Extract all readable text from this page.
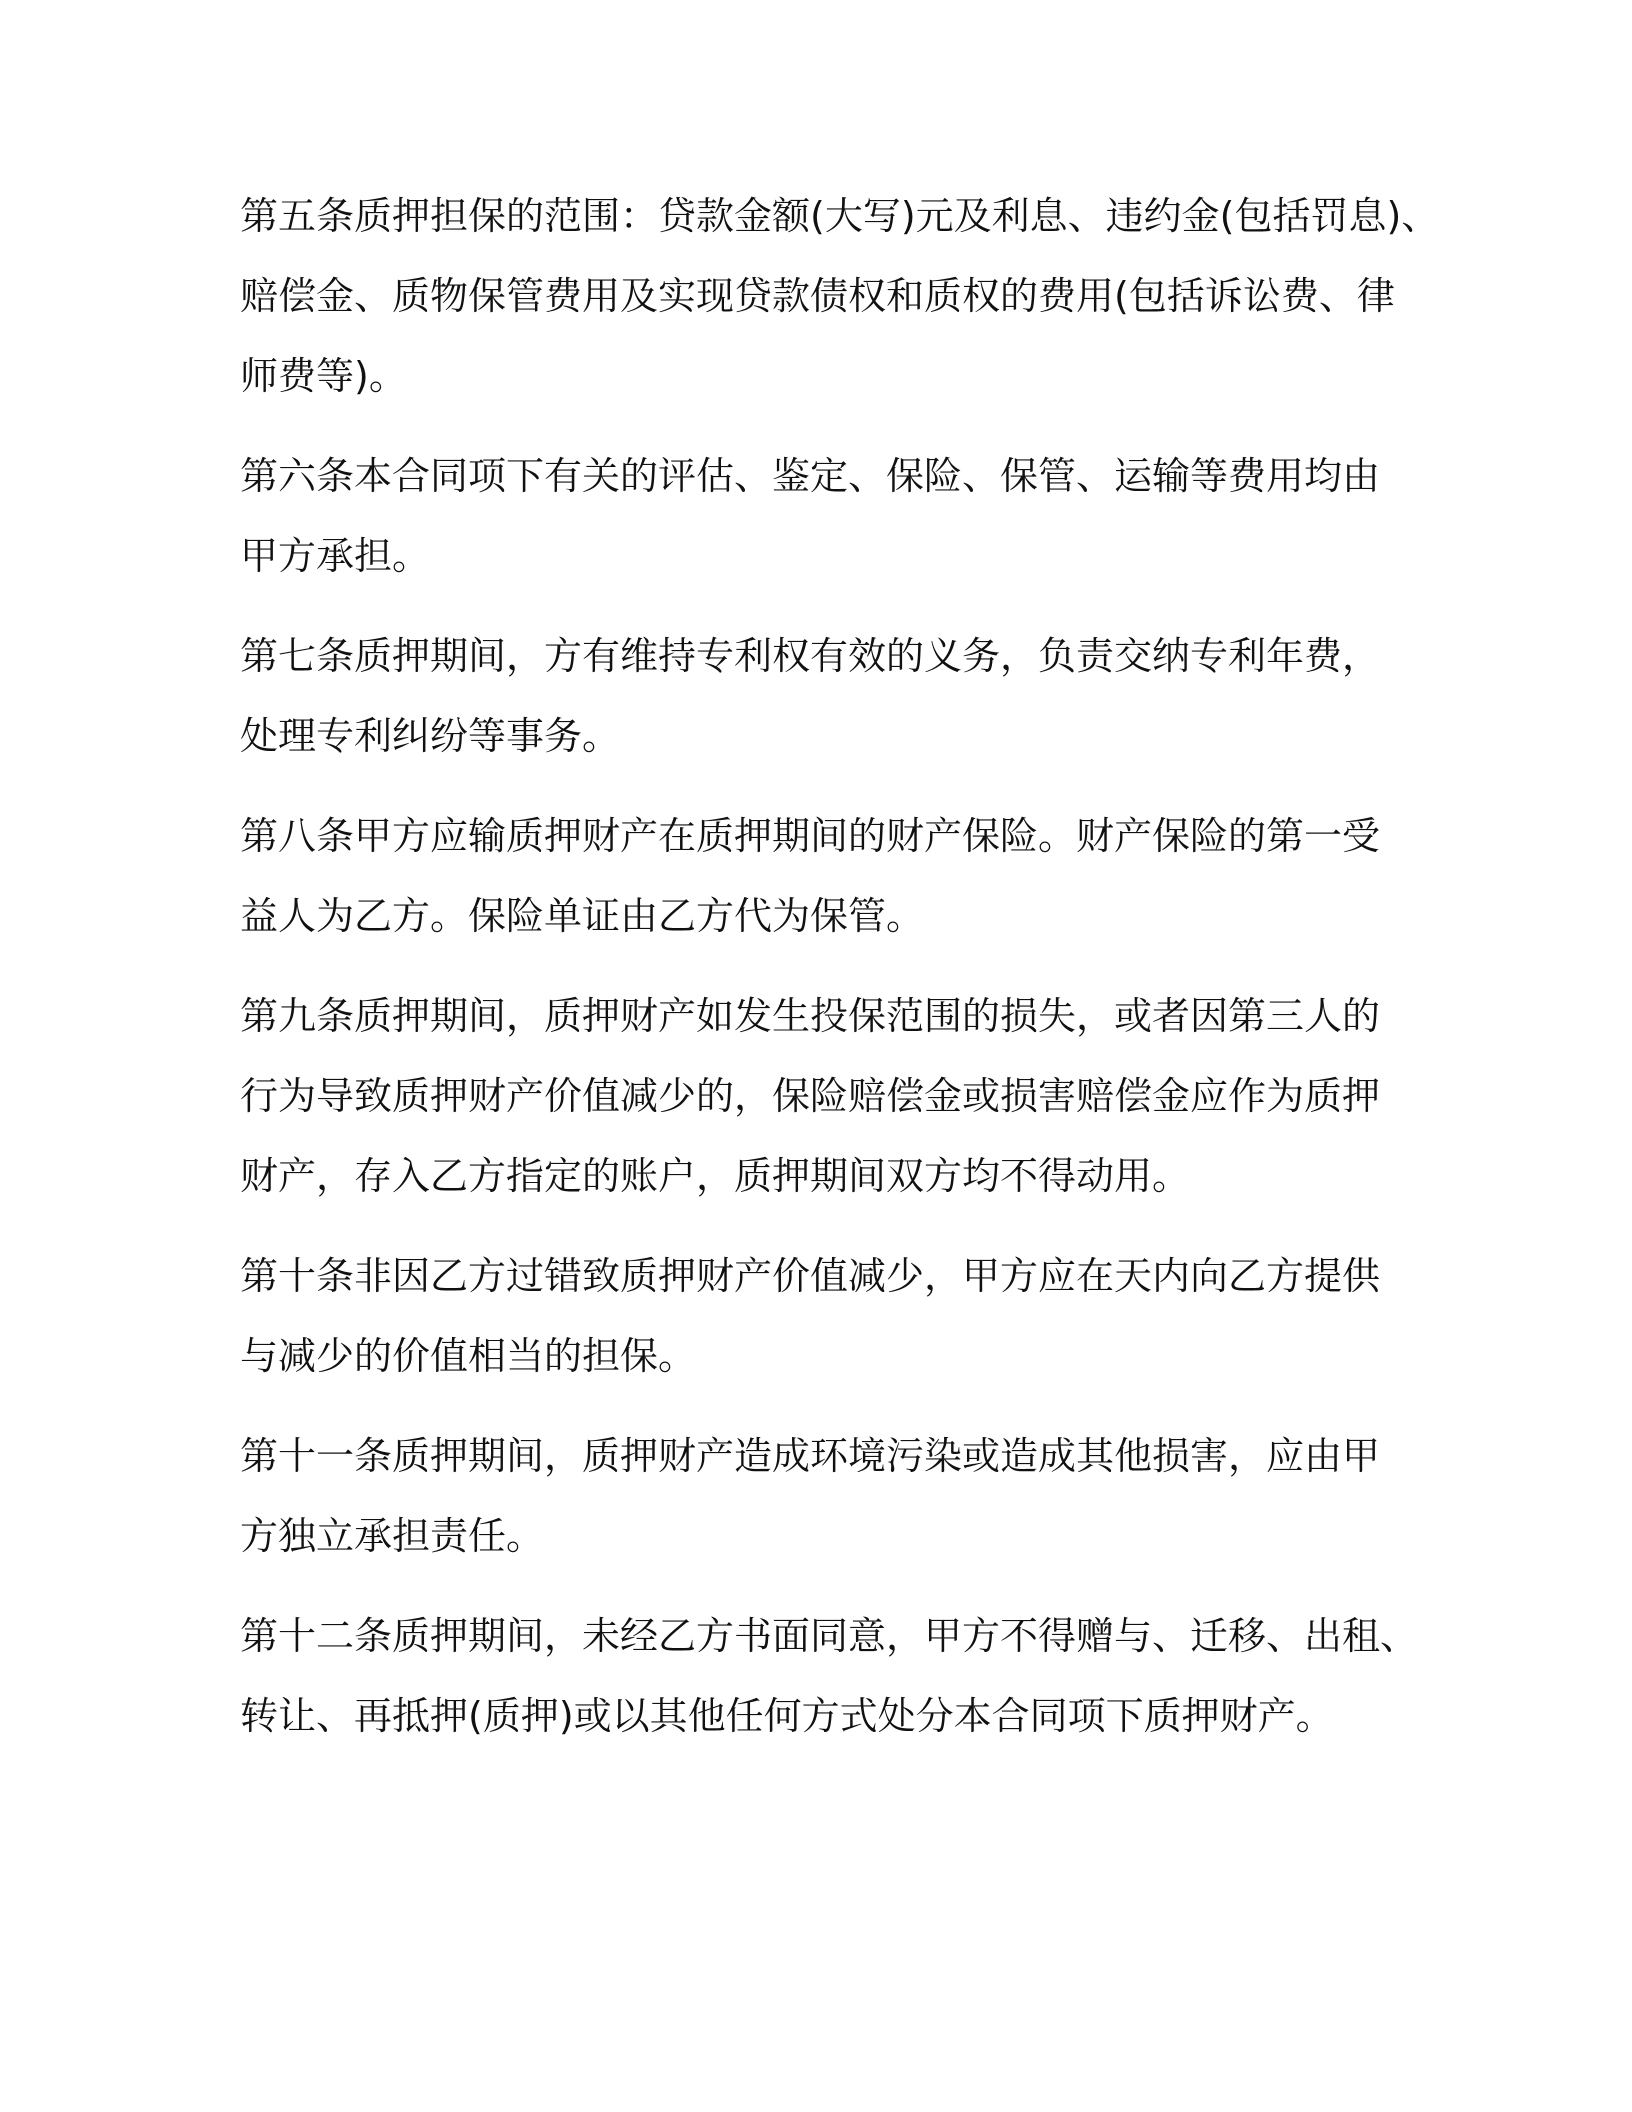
第五条质押担保的范围：贷款金额(大写)元及利息、违约金(包括罚息)、
赔偿金、质物保管费用及实现贷款债权和质权的费用(包括诉讼费、律
师费等)。

第六条本合同项下有关的评估、鉴定、保险、保管、运输等费用均由
甲方承担。

第七条质押期间，方有维持专利权有效的义务，负责交纳专利年费，
处理专利纠纷等事务。

第八条甲方应输质押财产在质押期间的财产保险。财产保险的第一受
益人为乙方。保险单证由乙方代为保管。

第九条质押期间，质押财产如发生投保范围的损失，或者因第三人的
行为导致质押财产价值减少的，保险赔偿金或损害赔偿金应作为质押
财产，存入乙方指定的账户，质押期间双方均不得动用。

第十条非因乙方过错致质押财产价值减少，甲方应在天内向乙方提供
与减少的价值相当的担保。

第十一条质押期间，质押财产造成环境污染或造成其他损害，应由甲
方独立承担责任。

第十二条质押期间，未经乙方书面同意，甲方不得赠与、迁移、出租、
转让、再抵押(质押)或以其他任何方式处分本合同项下质押财产。
